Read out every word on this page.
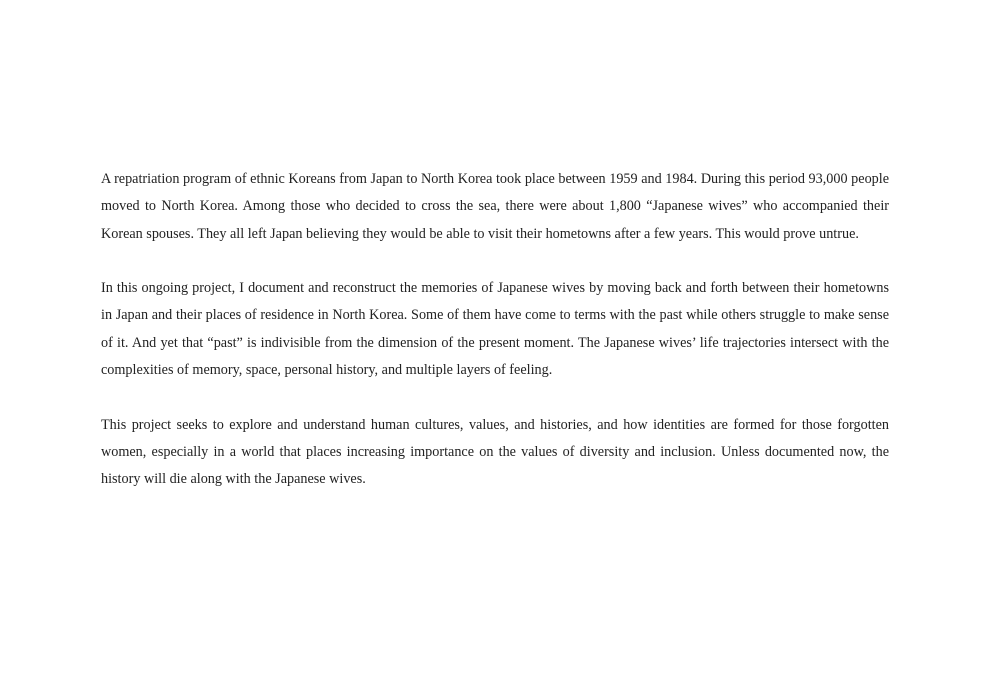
A repatriation program of ethnic Koreans from Japan to North Korea took place between 1959 and 1984. During this period 93,000 people moved to North Korea. Among those who decided to cross the sea, there were about 1,800 “Japanese wives” who accompanied their Korean spouses. They all left Japan believing they would be able to visit their hometowns after a few years. This would prove untrue.

In this ongoing project, I document and reconstruct the memories of Japanese wives by moving back and forth between their hometowns in Japan and their places of residence in North Korea. Some of them have come to terms with the past while others struggle to make sense of it. And yet that “past” is indivisible from the dimension of the present moment. The Japanese wives’ life trajectories intersect with the complexities of memory, space, personal history, and multiple layers of feeling.

This project seeks to explore and understand human cultures, values, and histories, and how identities are formed for those forgotten women, especially in a world that places increasing importance on the values of diversity and inclusion. Unless documented now, the history will die along with the Japanese wives.
